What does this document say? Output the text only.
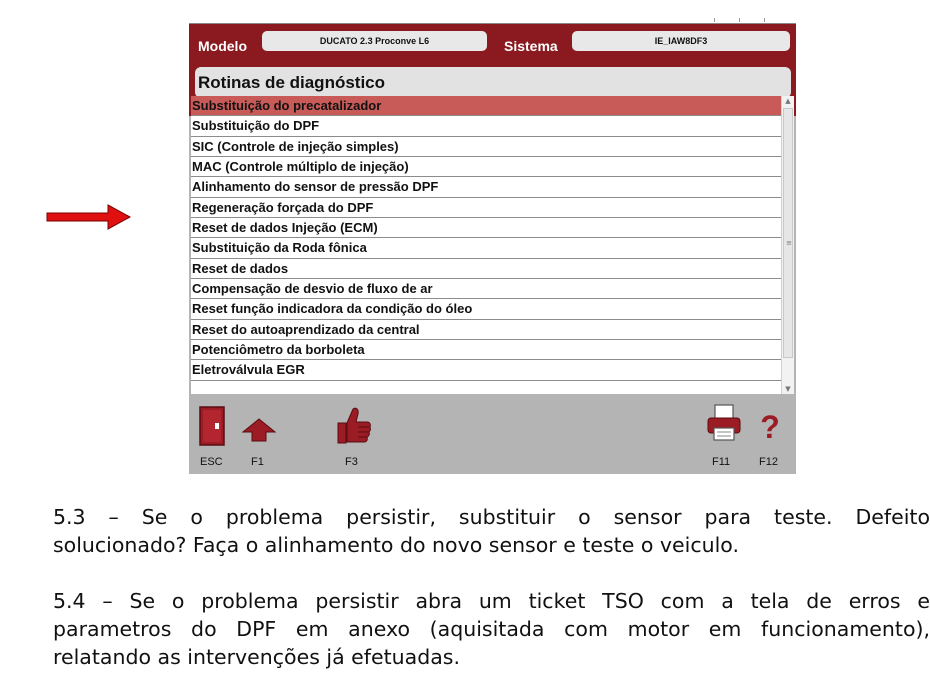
Modelo	DUCATO 2.3 Proconve L6	Sistema	IE_IAW8DF3
Rotinas de diagnóstico
Substituição do precatalizador
Substituição do DPF
SIC (Controle de injeção simples)
MAC (Controle múltiplo de injeção)
Alinhamento do sensor de pressão DPF
Regeneração forçada do DPF
Reset de dados Injeção (ECM)
Substituição da Roda fônica
Reset de dados
Compensação de desvio de fluxo de ar
Reset função indicadora da condição do óleo
Reset do autoaprendizado da central
Potenciômetro da borboleta
Eletroválvula EGR
▲
≡
▼
?
ESC	F1	F3	F11	F12
5.3 – Se o problema persistir, substituir o sensor para teste. Defeito
solucionado? Faça o alinhamento do novo sensor e teste o veiculo.
5.4 – Se o problema persistir abra um ticket TSO com a tela de erros e
parametros do DPF em anexo (aquisitada com motor em funcionamento),
relatando as intervenções já efetuadas.
